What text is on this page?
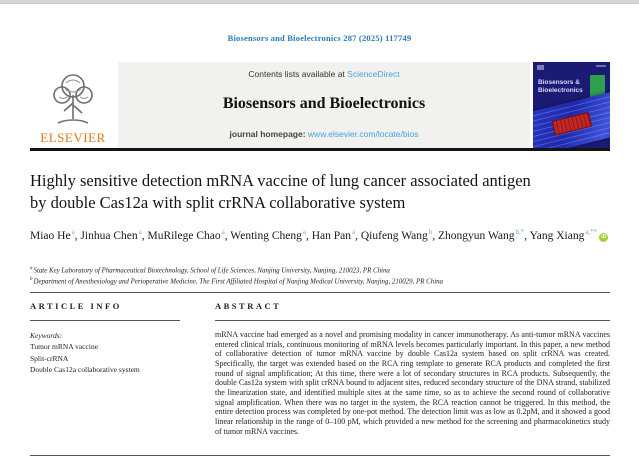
Biosensors and Bioelectronics 287 (2025) 117749
ELSEVIER
Contents lists available at ScienceDirect
Biosensors and Bioelectronics
journal homepage: www.elsevier.com/locate/bios
Biosensors &
Bioelectronics
Highly sensitive detection mRNA vaccine of lung cancer associated antigen
by double Cas12a with split crRNA collaborative system
Miao He$^a$, Jinhua Chen$^a$, MuRilege Chao$^a$, Wenting Cheng$^a$, Han Pan$^a$, Qiufeng Wang$^b$, Zhongyun Wang$^{b,*}$, Yang Xiang$^{a,**}$iD
$^a$State Key Laboratory of Pharmaceutical Biotechnology, School of Life Sciences, Nanjing University, Nanjing, 210023, PR China
$^b$Department of Anesthesiology and Perioperative Medicine, The First Affiliated Hospital of Nanjing Medical University, Nanjing, 210029, PR China
ARTICLE INFO
Keywords:
Tumor mRNA vaccine
Split-crRNA
Double Cas12a collaborative system
ABSTRACT
mRNA vaccine had emerged as a novel and promising modality in cancer immunotherapy. As anti-tumor mRNA vaccines entered clinical trials, continuous monitoring of mRNA levels becomes particularly important. In this paper, a new method of collaborative detection of tumor mRNA vaccine by double Cas12a system based on split crRNA was created. Specifically, the target was extended based on the RCA ring template to generate RCA products and completed the first round of signal amplification; At this time, there were a lot of secondary structures in RCA products. Subsequently, the double Cas12a system with split crRNA bound to adjacent sites, reduced secondary structure of the DNA strand, stabilized the linearization state, and identified multiple sites at the same time, so as to achieve the second round of collaborative signal amplification. When there was no target in the system, the RCA reaction cannot be triggered. In this method, the entire detection process was completed by one-pot method. The detection limit was as low as 0.2pM, and it showed a good linear relationship in the range of 0–100 pM, which provided a new method for the screening and pharmacokinetics study of tumor mRNA vaccines.
